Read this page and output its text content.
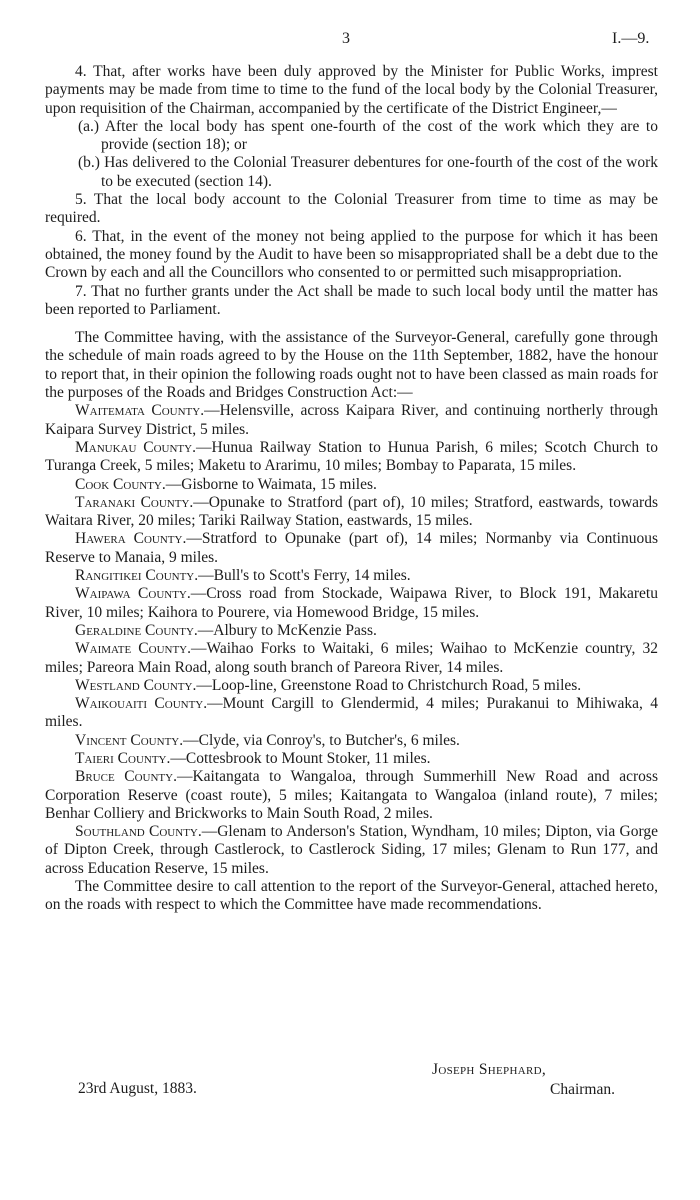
3	I.—9.

4. That, after works have been duly approved by the Minister for Public Works, imprest payments may be made from time to time to the fund of the local body by the Colonial Treasurer, upon requisition of the Chairman, accompanied by the certificate of the District Engineer,—

(a.) After the local body has spent one-fourth of the cost of the work which they are to provide (section 18); or

(b.) Has delivered to the Colonial Treasurer debentures for one-fourth of the cost of the work to be executed (section 14).

5. That the local body account to the Colonial Treasurer from time to time as may be required.

6. That, in the event of the money not being applied to the purpose for which it has been obtained, the money found by the Audit to have been so misappropriated shall be a debt due to the Crown by each and all the Councillors who consented to or permitted such misappropriation.

7. That no further grants under the Act shall be made to such local body until the matter has been reported to Parliament.

The Committee having, with the assistance of the Surveyor-General, carefully gone through the schedule of main roads agreed to by the House on the 11th September, 1882, have the honour to report that, in their opinion the following roads ought not to have been classed as main roads for the purposes of the Roads and Bridges Construction Act:—

Waitemata County.—Helensville, across Kaipara River, and continuing northerly through Kaipara Survey District, 5 miles.

Manukau County.—Hunua Railway Station to Hunua Parish, 6 miles; Scotch Church to Turanga Creek, 5 miles; Maketu to Ararimu, 10 miles; Bombay to Paparata, 15 miles.

Cook County.—Gisborne to Waimata, 15 miles.

Taranaki County.—Opunake to Stratford (part of), 10 miles; Stratford, eastwards, towards Waitara River, 20 miles; Tariki Railway Station, eastwards, 15 miles.

Hawera County.—Stratford to Opunake (part of), 14 miles; Normanby via Continuous Reserve to Manaia, 9 miles.

Rangitikei County.—Bull's to Scott's Ferry, 14 miles.

Waipawa County.—Cross road from Stockade, Waipawa River, to Block 191, Makaretu River, 10 miles; Kaihora to Pourere, via Homewood Bridge, 15 miles.

Geraldine County.—Albury to McKenzie Pass.

Waimate County.—Waihao Forks to Waitaki, 6 miles; Waihao to McKenzie country, 32 miles; Pareora Main Road, along south branch of Pareora River, 14 miles.

Westland County.—Loop-line, Greenstone Road to Christchurch Road, 5 miles.

Waikouaiti County.—Mount Cargill to Glendermid, 4 miles; Purakanui to Mihiwaka, 4 miles.

Vincent County.—Clyde, via Conroy's, to Butcher's, 6 miles.

Taieri County.—Cottesbrook to Mount Stoker, 11 miles.

Bruce County.—Kaitangata to Wangaloa, through Summerhill New Road and across Corporation Reserve (coast route), 5 miles; Kaitangata to Wangaloa (inland route), 7 miles; Benhar Colliery and Brickworks to Main South Road, 2 miles.

Southland County.—Glenam to Anderson's Station, Wyndham, 10 miles; Dipton, via Gorge of Dipton Creek, through Castlerock, to Castlerock Siding, 17 miles; Glenam to Run 177, and across Education Reserve, 15 miles.

The Committee desire to call attention to the report of the Surveyor-General, attached hereto, on the roads with respect to which the Committee have made recommendations.

Joseph Shephard,
Chairman.
23rd August, 1883.
